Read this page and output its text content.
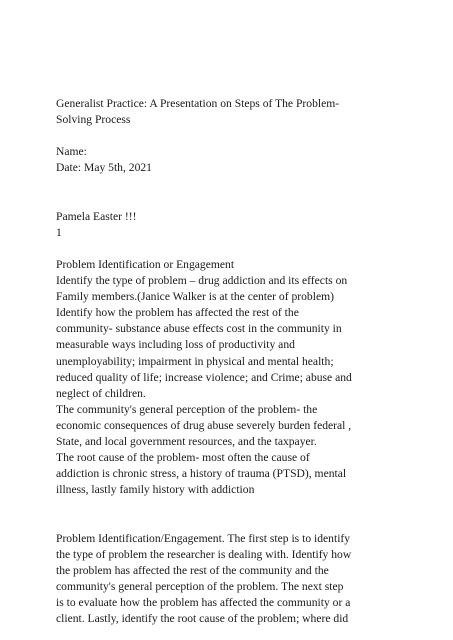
Generalist Practice: A Presentation on Steps of The Problem-
Solving Process
Name:
Date: May 5th, 2021
Pamela Easter !!!
1
Problem Identification or Engagement
Identify the type of problem – drug addiction and its effects on
Family members.(Janice Walker is at the center of problem)
Identify how the problem has affected the rest of the
community- substance abuse effects cost in the community in
measurable ways including loss of productivity and
unemployability; impairment in physical and mental health;
reduced quality of life; increase violence; and Crime; abuse and
neglect of children.
The community's general perception of the problem- the
economic consequences of drug abuse severely burden federal ,
State, and local government resources, and the taxpayer.
The root cause of the problem- most often the cause of
addiction is chronic stress, a history of trauma (PTSD), mental
illness, lastly family history with addiction
Problem Identification/Engagement. The first step is to identify
the type of problem the researcher is dealing with. Identify how
the problem has affected the rest of the community and the
community's general perception of the problem. The next step
is to evaluate how the problem has affected the community or a
client. Lastly, identify the root cause of the problem; where did
